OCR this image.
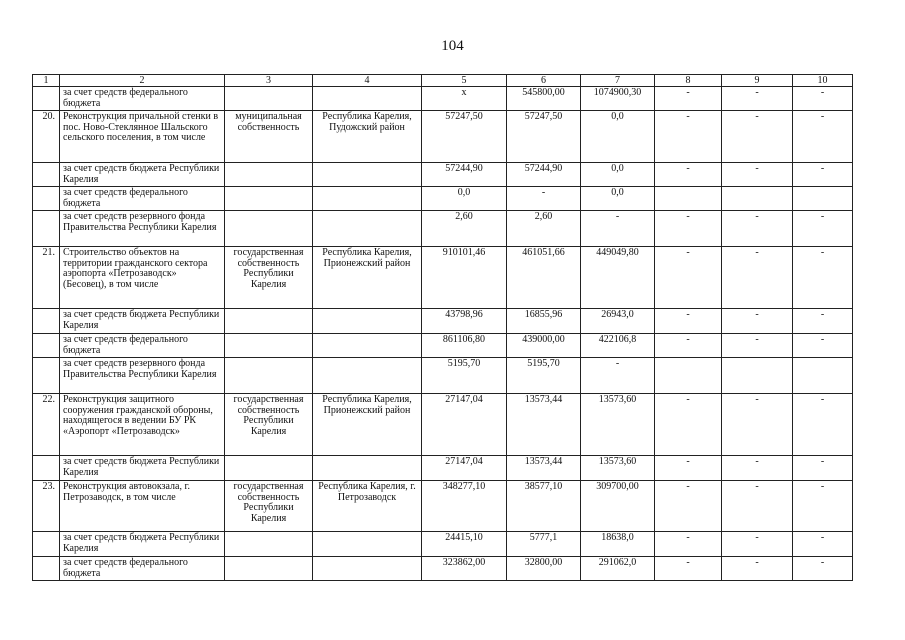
104
1	2	3	4	5	6	7	8	9	10
	за счет средств федерального бюджета			x	545800,00	1074900,30	-	-	-
20.	Реконструкция причальной стенки в пос. Ново-Стеклянное Шальского сельского поселения, в том числе	муниципальная собственность	Республика Карелия, Пудожский район	57247,50	57247,50	0,0	-	-	-
	за счет средств бюджета Республики Карелия			57244,90	57244,90	0,0	-	-	-
	за счет средств федерального бюджета			0,0	-	0,0			
	за счет средств резервного фонда Правительства Республики Карелия			2,60	2,60	-	-	-	-
21.	Строительство объектов на территории гражданского сектора аэропорта «Петрозаводск» (Бесовец), в том числе	государственная собственность Республики Карелия	Республика Карелия, Прионежский район	910101,46	461051,66	449049,80	-	-	-
	за счет средств бюджета Республики Карелия			43798,96	16855,96	26943,0	-	-	-
	за счет средств федерального бюджета			861106,80	439000,00	422106,8	-	-	-
	за счет средств резервного фонда Правительства Республики Карелия			5195,70	5195,70	-			
22.	Реконструкция защитного сооружения гражданской обороны, находящегося в ведении БУ РК «Аэропорт «Петрозаводск»	государственная собственность Республики Карелия	Республика Карелия, Прионежский район	27147,04	13573,44	13573,60	-	-	-
	за счет средств бюджета Республики Карелия			27147,04	13573,44	13573,60	-	-	-
23.	Реконструкция автовокзала, г. Петрозаводск, в том числе	государственная собственность Республики Карелия	Республика Карелия, г. Петрозаводск	348277,10	38577,10	309700,00	-	-	-
	за счет средств бюджета Республики Карелия			24415,10	5777,1	18638,0	-	-	-
	за счет средств федерального бюджета			323862,00	32800,00	291062,0	-	-	-
